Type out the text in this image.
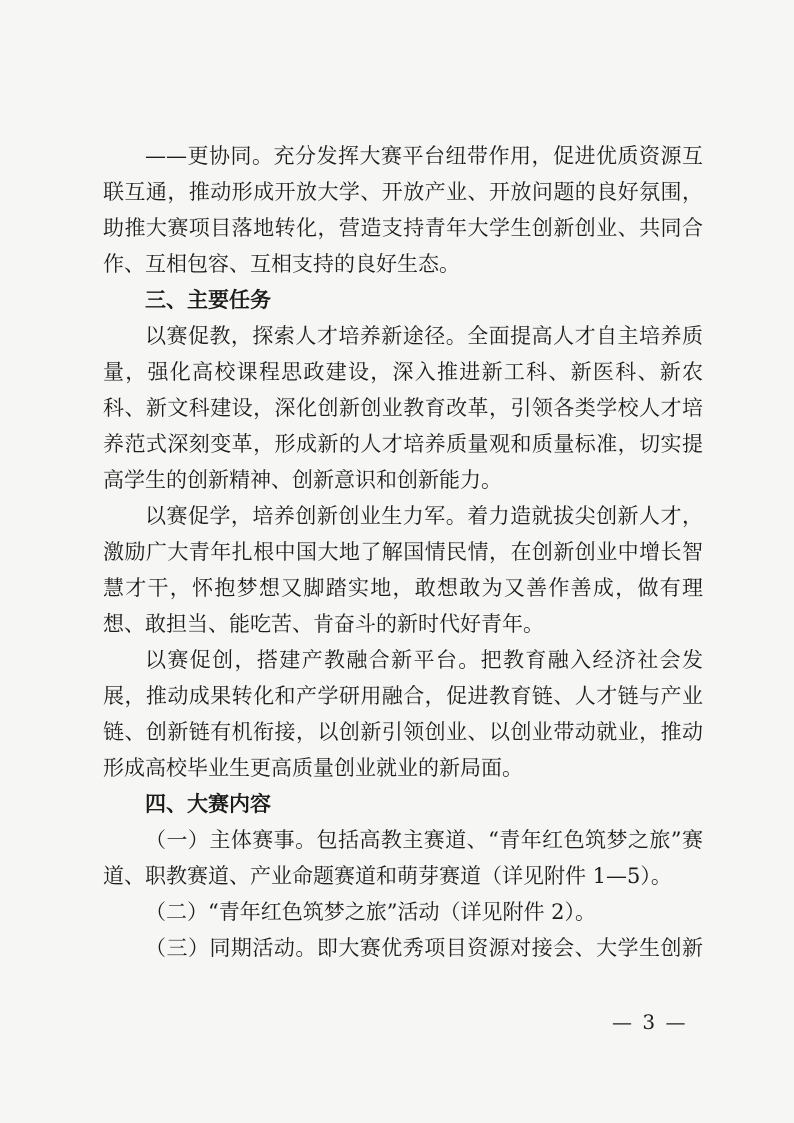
——更协同。充分发挥大赛平台纽带作用，促进优质资源互
联互通，推动形成开放大学、开放产业、开放问题的良好氛围，
助推大赛项目落地转化，营造支持青年大学生创新创业、共同合
作、互相包容、互相支持的良好生态。
三、主要任务
以赛促教，探索人才培养新途径。全面提高人才自主培养质
量，强化高校课程思政建设，深入推进新工科、新医科、新农
科、新文科建设，深化创新创业教育改革，引领各类学校人才培
养范式深刻变革，形成新的人才培养质量观和质量标准，切实提
高学生的创新精神、创新意识和创新能力。
以赛促学，培养创新创业生力军。着力造就拔尖创新人才，
激励广大青年扎根中国大地了解国情民情，在创新创业中增长智
慧才干，怀抱梦想又脚踏实地，敢想敢为又善作善成，做有理
想、敢担当、能吃苦、肯奋斗的新时代好青年。
以赛促创，搭建产教融合新平台。把教育融入经济社会发
展，推动成果转化和产学研用融合，促进教育链、人才链与产业
链、创新链有机衔接，以创新引领创业、以创业带动就业，推动
形成高校毕业生更高质量创业就业的新局面。
四、大赛内容
（一）主体赛事。包括高教主赛道、“青年红色筑梦之旅”赛
道、职教赛道、产业命题赛道和萌芽赛道（详见附件 1—5）。
（二）“青年红色筑梦之旅”活动（详见附件 2）。
（三）同期活动。即大赛优秀项目资源对接会、大学生创新
— 3 —
